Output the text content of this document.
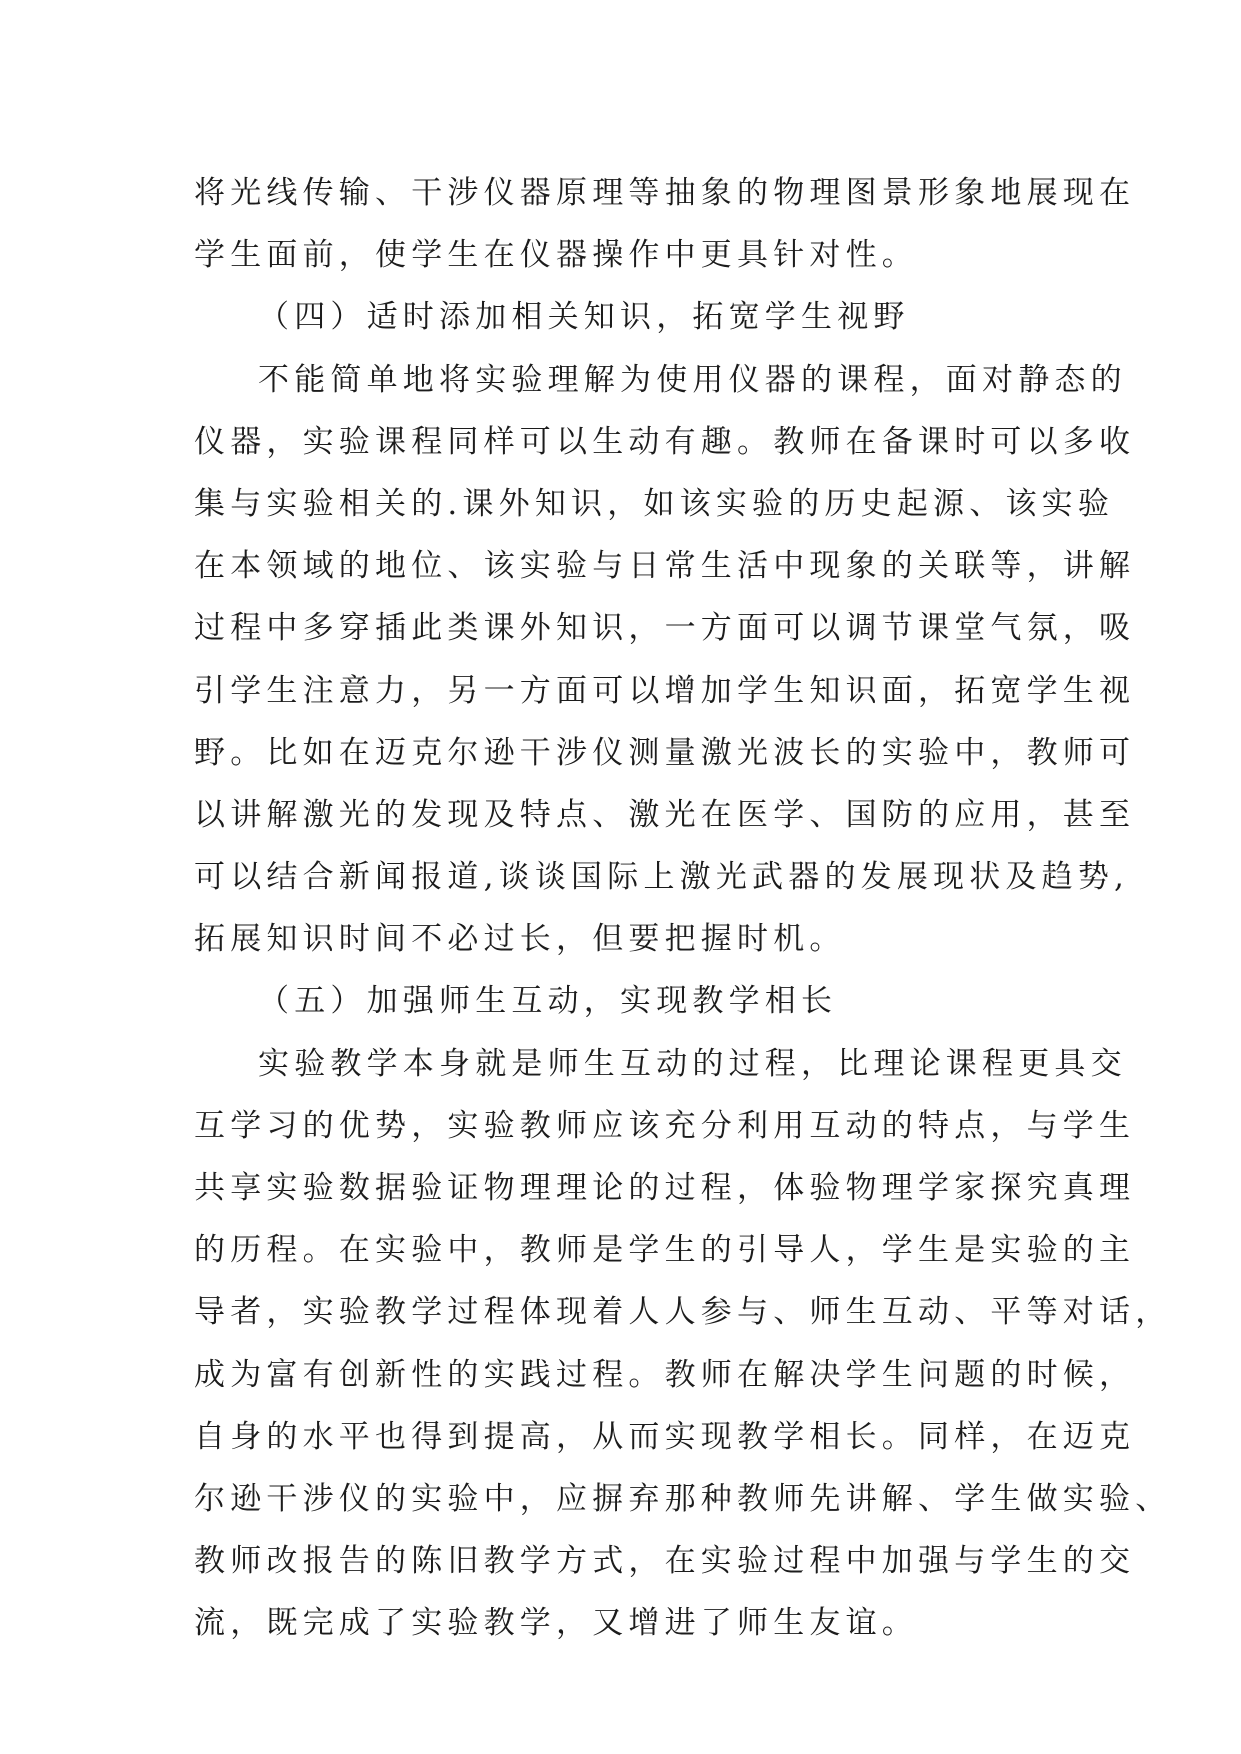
将光线传输、干涉仪器原理等抽象的物理图景形象地展现在
学生面前，使学生在仪器操作中更具针对性。
（四）适时添加相关知识，拓宽学生视野
不能简单地将实验理解为使用仪器的课程，面对静态的
仪器，实验课程同样可以生动有趣。教师在备课时可以多收
集与实验相关的.课外知识，如该实验的历史起源、该实验
在本领域的地位、该实验与日常生活中现象的关联等，讲解
过程中多穿插此类课外知识，一方面可以调节课堂气氛，吸
引学生注意力，另一方面可以增加学生知识面，拓宽学生视
野。比如在迈克尔逊干涉仪测量激光波长的实验中，教师可
以讲解激光的发现及特点、激光在医学、国防的应用，甚至
可以结合新闻报道,谈谈国际上激光武器的发展现状及趋势,
拓展知识时间不必过长，但要把握时机。
（五）加强师生互动，实现教学相长
实验教学本身就是师生互动的过程，比理论课程更具交
互学习的优势，实验教师应该充分利用互动的特点，与学生
共享实验数据验证物理理论的过程，体验物理学家探究真理
的历程。在实验中，教师是学生的引导人，学生是实验的主
导者，实验教学过程体现着人人参与、师生互动、平等对话，
成为富有创新性的实践过程。教师在解决学生问题的时候，
自身的水平也得到提高，从而实现教学相长。同样，在迈克
尔逊干涉仪的实验中，应摒弃那种教师先讲解、学生做实验、
教师改报告的陈旧教学方式，在实验过程中加强与学生的交
流，既完成了实验教学，又增进了师生友谊。
